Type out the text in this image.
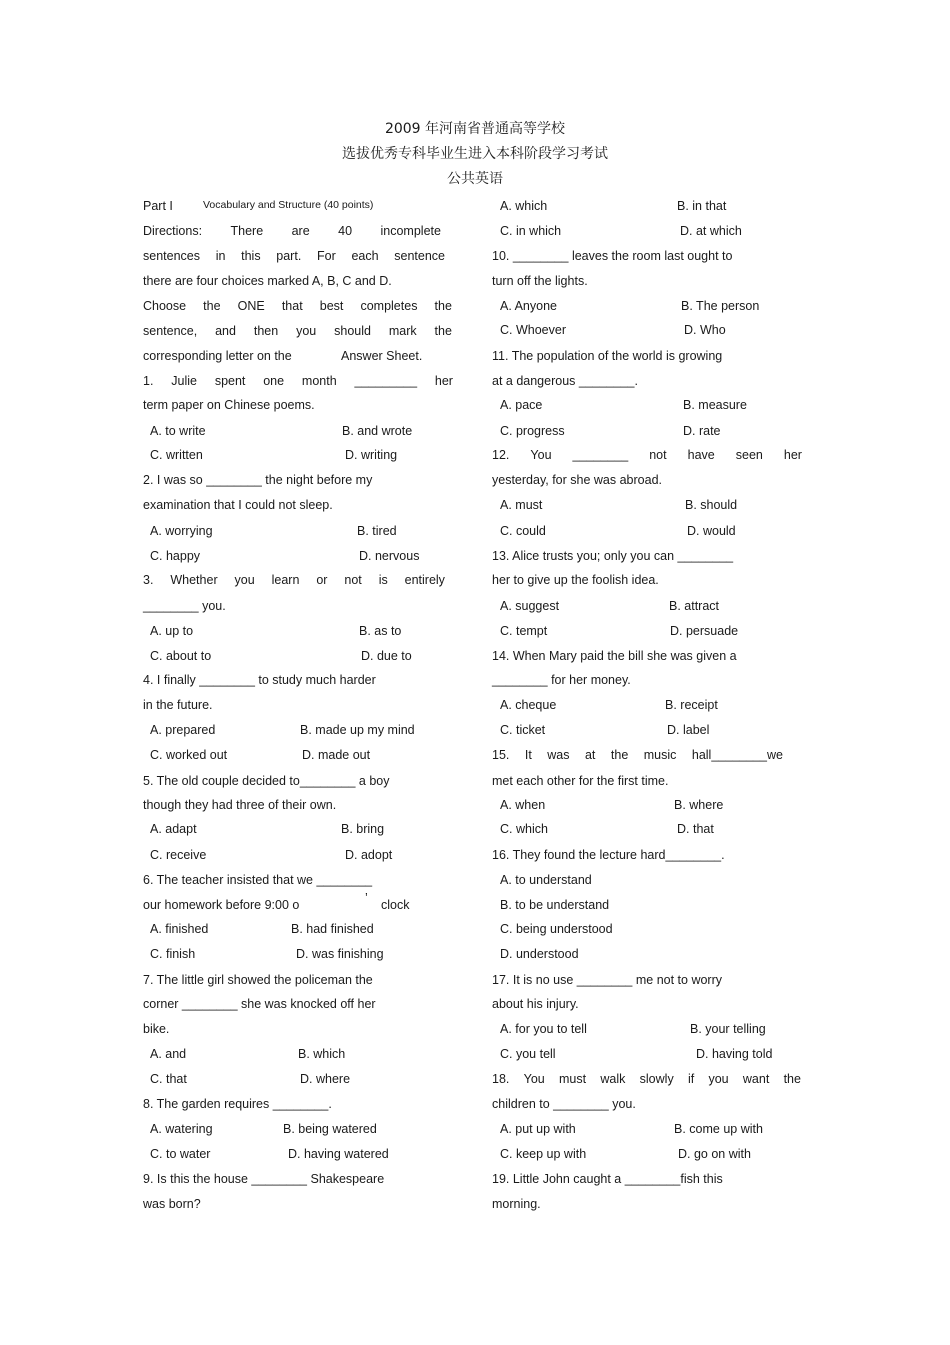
2009 年河南省普通高等学校
选拔优秀专科毕业生进入本科阶段学习考试
公共英语
Part I	Vocabulary and Structure (40 points)
Directions: There are 40 incomplete
sentences in this part. For each sentence
there are four choices marked A, B, C and D.
Choose the ONE that best completes the
sentence, and then you should mark the
corresponding letter on the	Answer Sheet.
1. Julie spent one month _________ her
term paper on Chinese poems.
A. to write	B. and wrote
C. written	D. writing
2. I was so ________ the night before my
examination that I could not sleep.
A. worrying	B. tired
C. happy	D. nervous
3. Whether you learn or not is entirely
________ you.
A. up to	B. as to
C. about to	D. due to
4. I finally ________ to study much harder
in the future.
A. prepared	B. made up my mind
C. worked out	D. made out
5. The old couple decided to________ a boy
though they had three of their own.
A. adapt	B. bring
C. receive	D. adopt
6. The teacher insisted that we ________
our homework before 9:00 o	’ clock
A. finished	B. had finished
C. finish	D. was finishing
7. The little girl showed the policeman the
corner ________ she was knocked off her
bike.
A. and	B. which
C. that	D. where
8. The garden requires ________.
A. watering	B. being watered
C. to water	D. having watered
9. Is this the house ________ Shakespeare
was born?
A. which	B. in that
C. in which	D. at which
10. ________ leaves the room last ought to
turn off the lights.
A. Anyone	B. The person
C. Whoever	D. Who
11. The population of the world is growing
at a dangerous ________.
A. pace	B. measure
C. progress	D. rate
12. You ________ not have seen her
yesterday, for she was abroad.
A. must	B. should
C. could	D. would
13. Alice trusts you; only you can ________
her to give up the foolish idea.
A. suggest	B. attract
C. tempt	D. persuade
14. When Mary paid the bill she was given a
________ for her money.
A. cheque	B. receipt
C. ticket	D. label
15. It was at the music hall________we
met each other for the first time.
A. when	B. where
C. which	D. that
16. They found the lecture hard________.
A. to understand
B. to be understand
C. being understood
D. understood
17. It is no use ________ me not to worry
about his injury.
A. for you to tell	B. your telling
C. you tell	D. having told
18. You must walk slowly if you want the
children to ________ you.
A. put up with	B. come up with
C. keep up with	D. go on with
19. Little John caught a ________fish this
morning.
